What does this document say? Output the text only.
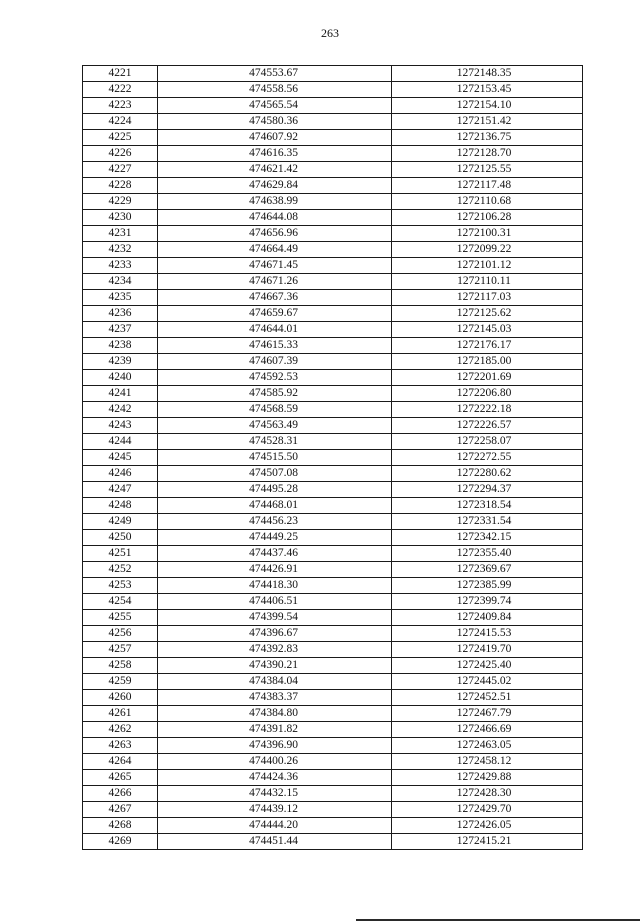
263
4221	474553.67	1272148.35
4222	474558.56	1272153.45
4223	474565.54	1272154.10
4224	474580.36	1272151.42
4225	474607.92	1272136.75
4226	474616.35	1272128.70
4227	474621.42	1272125.55
4228	474629.84	1272117.48
4229	474638.99	1272110.68
4230	474644.08	1272106.28
4231	474656.96	1272100.31
4232	474664.49	1272099.22
4233	474671.45	1272101.12
4234	474671.26	1272110.11
4235	474667.36	1272117.03
4236	474659.67	1272125.62
4237	474644.01	1272145.03
4238	474615.33	1272176.17
4239	474607.39	1272185.00
4240	474592.53	1272201.69
4241	474585.92	1272206.80
4242	474568.59	1272222.18
4243	474563.49	1272226.57
4244	474528.31	1272258.07
4245	474515.50	1272272.55
4246	474507.08	1272280.62
4247	474495.28	1272294.37
4248	474468.01	1272318.54
4249	474456.23	1272331.54
4250	474449.25	1272342.15
4251	474437.46	1272355.40
4252	474426.91	1272369.67
4253	474418.30	1272385.99
4254	474406.51	1272399.74
4255	474399.54	1272409.84
4256	474396.67	1272415.53
4257	474392.83	1272419.70
4258	474390.21	1272425.40
4259	474384.04	1272445.02
4260	474383.37	1272452.51
4261	474384.80	1272467.79
4262	474391.82	1272466.69
4263	474396.90	1272463.05
4264	474400.26	1272458.12
4265	474424.36	1272429.88
4266	474432.15	1272428.30
4267	474439.12	1272429.70
4268	474444.20	1272426.05
4269	474451.44	1272415.21
